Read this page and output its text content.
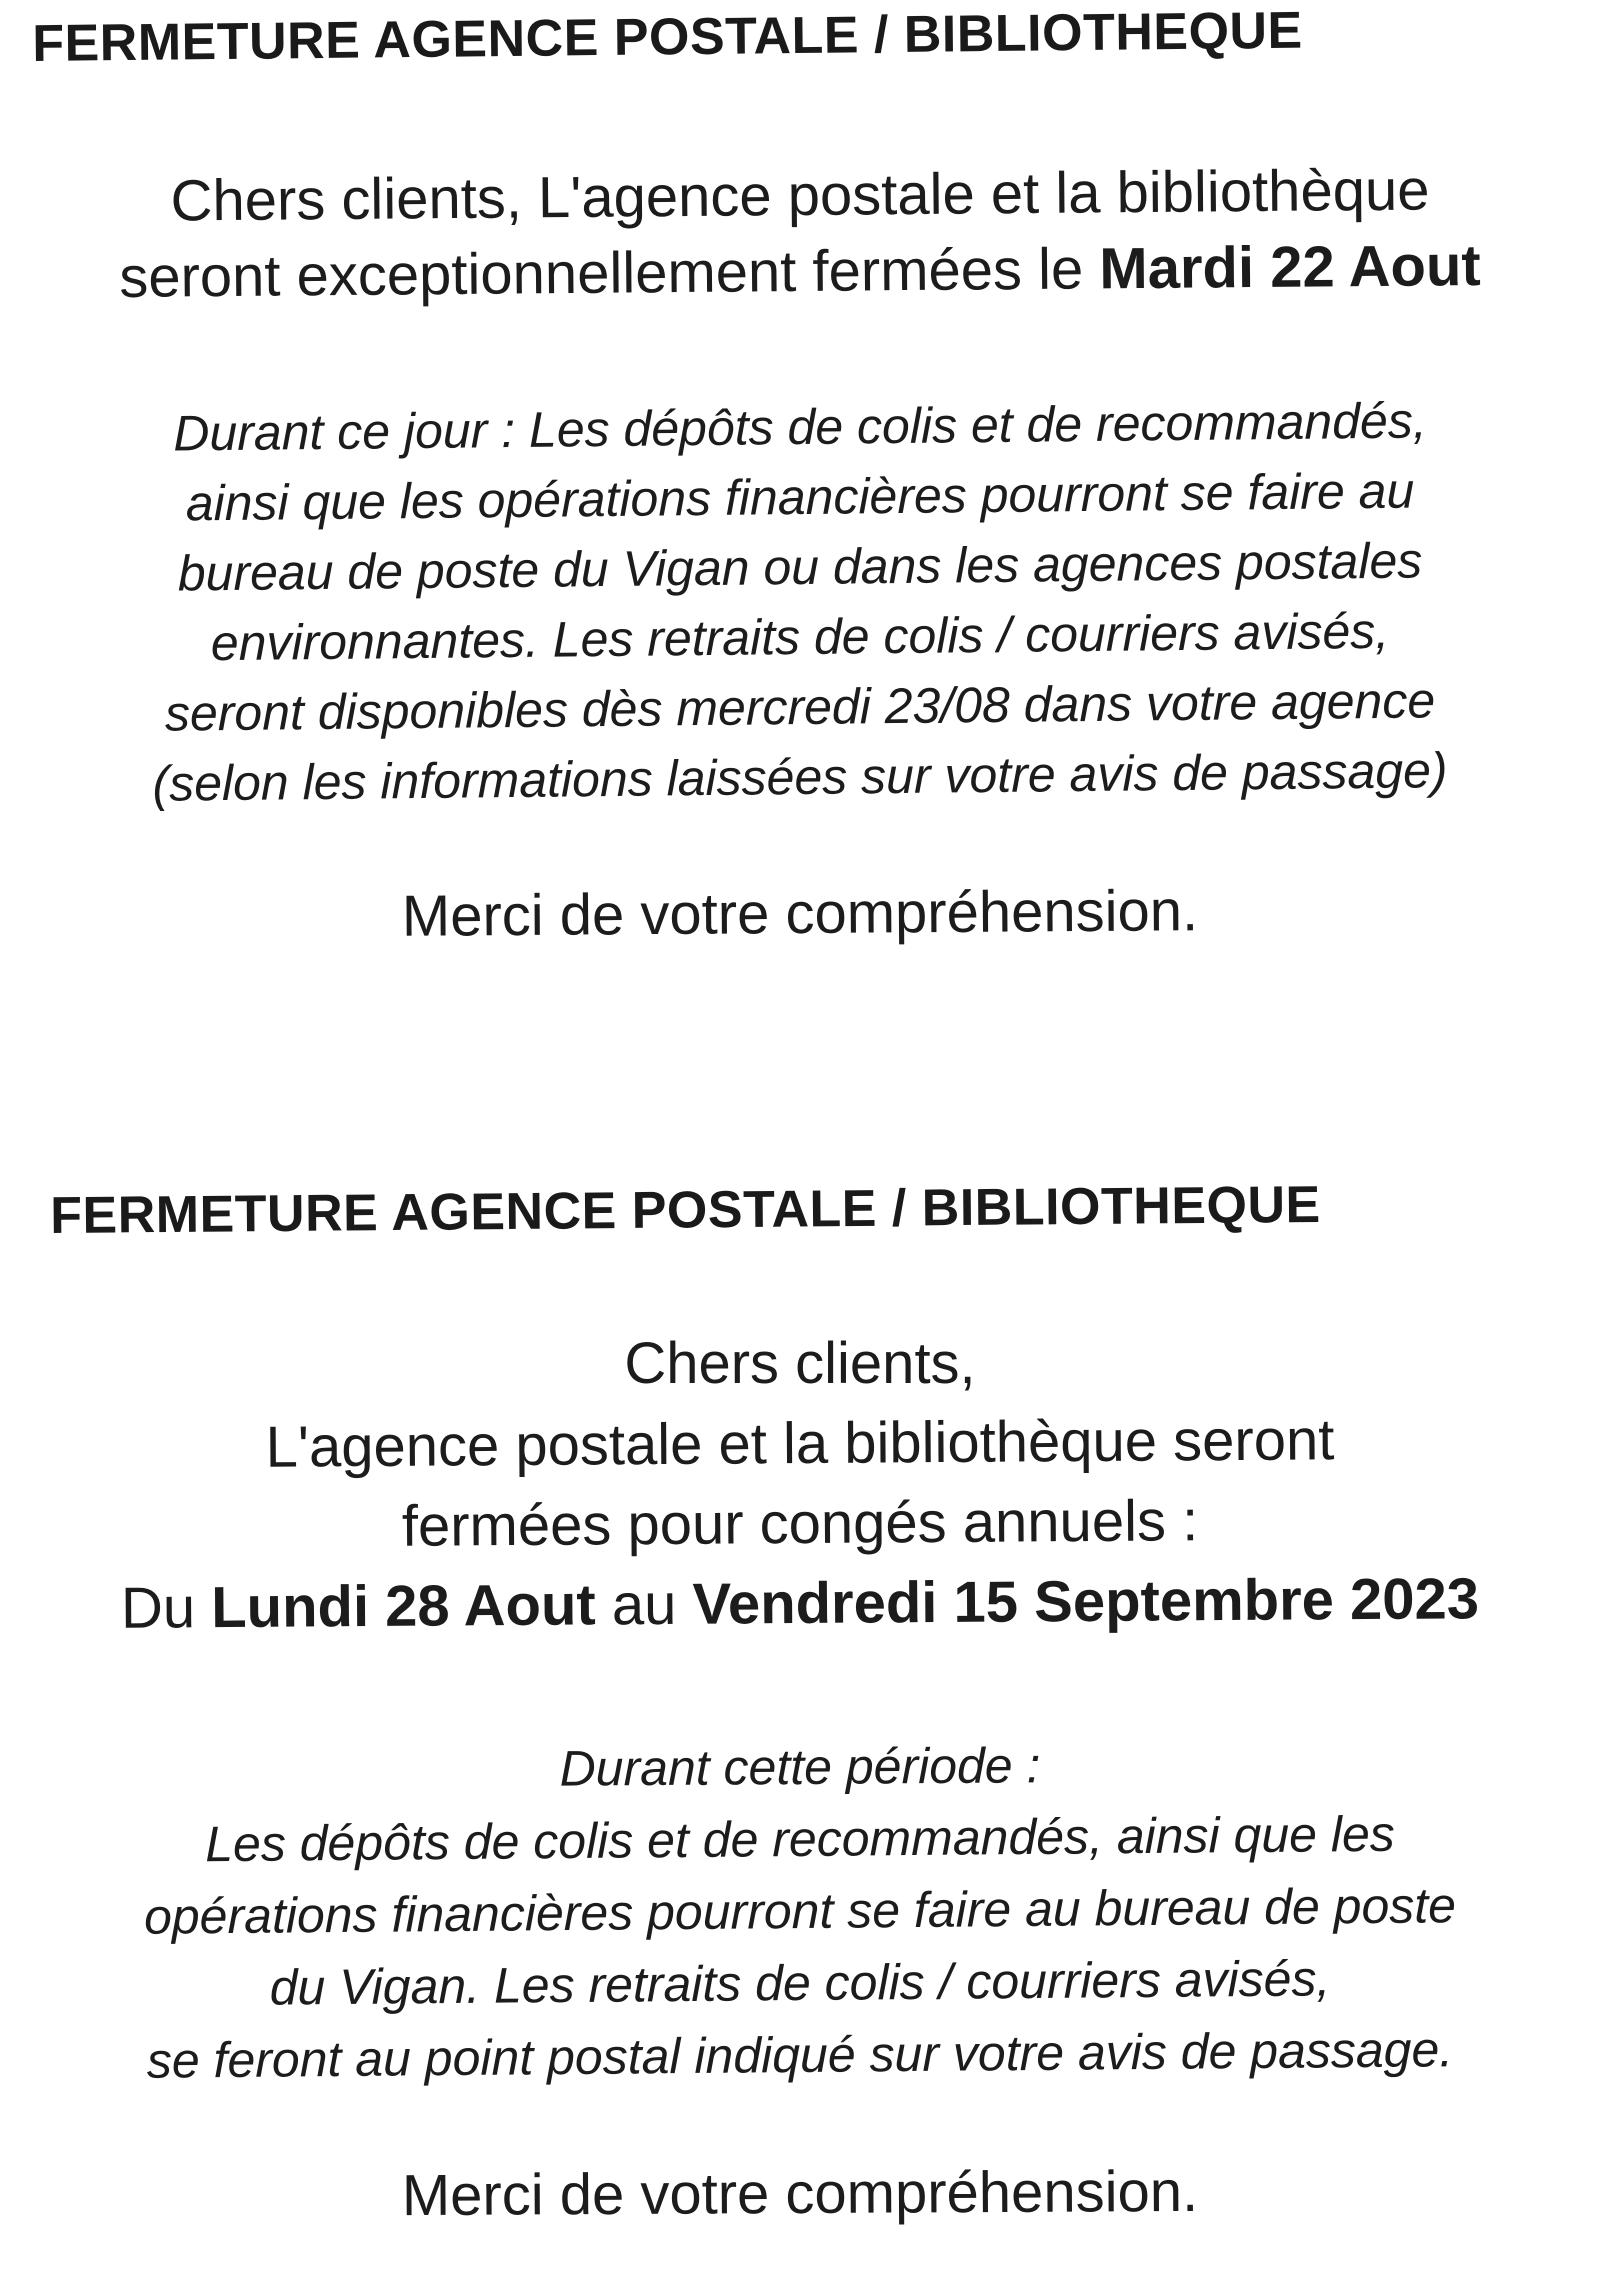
FERMETURE AGENCE POSTALE / BIBLIOTHEQUE
Chers clients, L'agence postale et la bibliothèque
seront exceptionnellement fermées le Mardi 22 Aout
Durant ce jour : Les dépôts de colis et de recommandés,
ainsi que les opérations financières pourront se faire au
bureau de poste du Vigan ou dans les agences postales
environnantes. Les retraits de colis / courriers avisés,
seront disponibles dès mercredi 23/08 dans votre agence
(selon les informations laissées sur votre avis de passage)
Merci de votre compréhension.
FERMETURE AGENCE POSTALE / BIBLIOTHEQUE
Chers clients,
L'agence postale et la bibliothèque seront
fermées pour congés annuels :
Du Lundi 28 Aout au Vendredi 15 Septembre 2023
Durant cette période :
Les dépôts de colis et de recommandés, ainsi que les
opérations financières pourront se faire au bureau de poste
du Vigan. Les retraits de colis / courriers avisés,
se feront au point postal indiqué sur votre avis de passage.
Merci de votre compréhension.
